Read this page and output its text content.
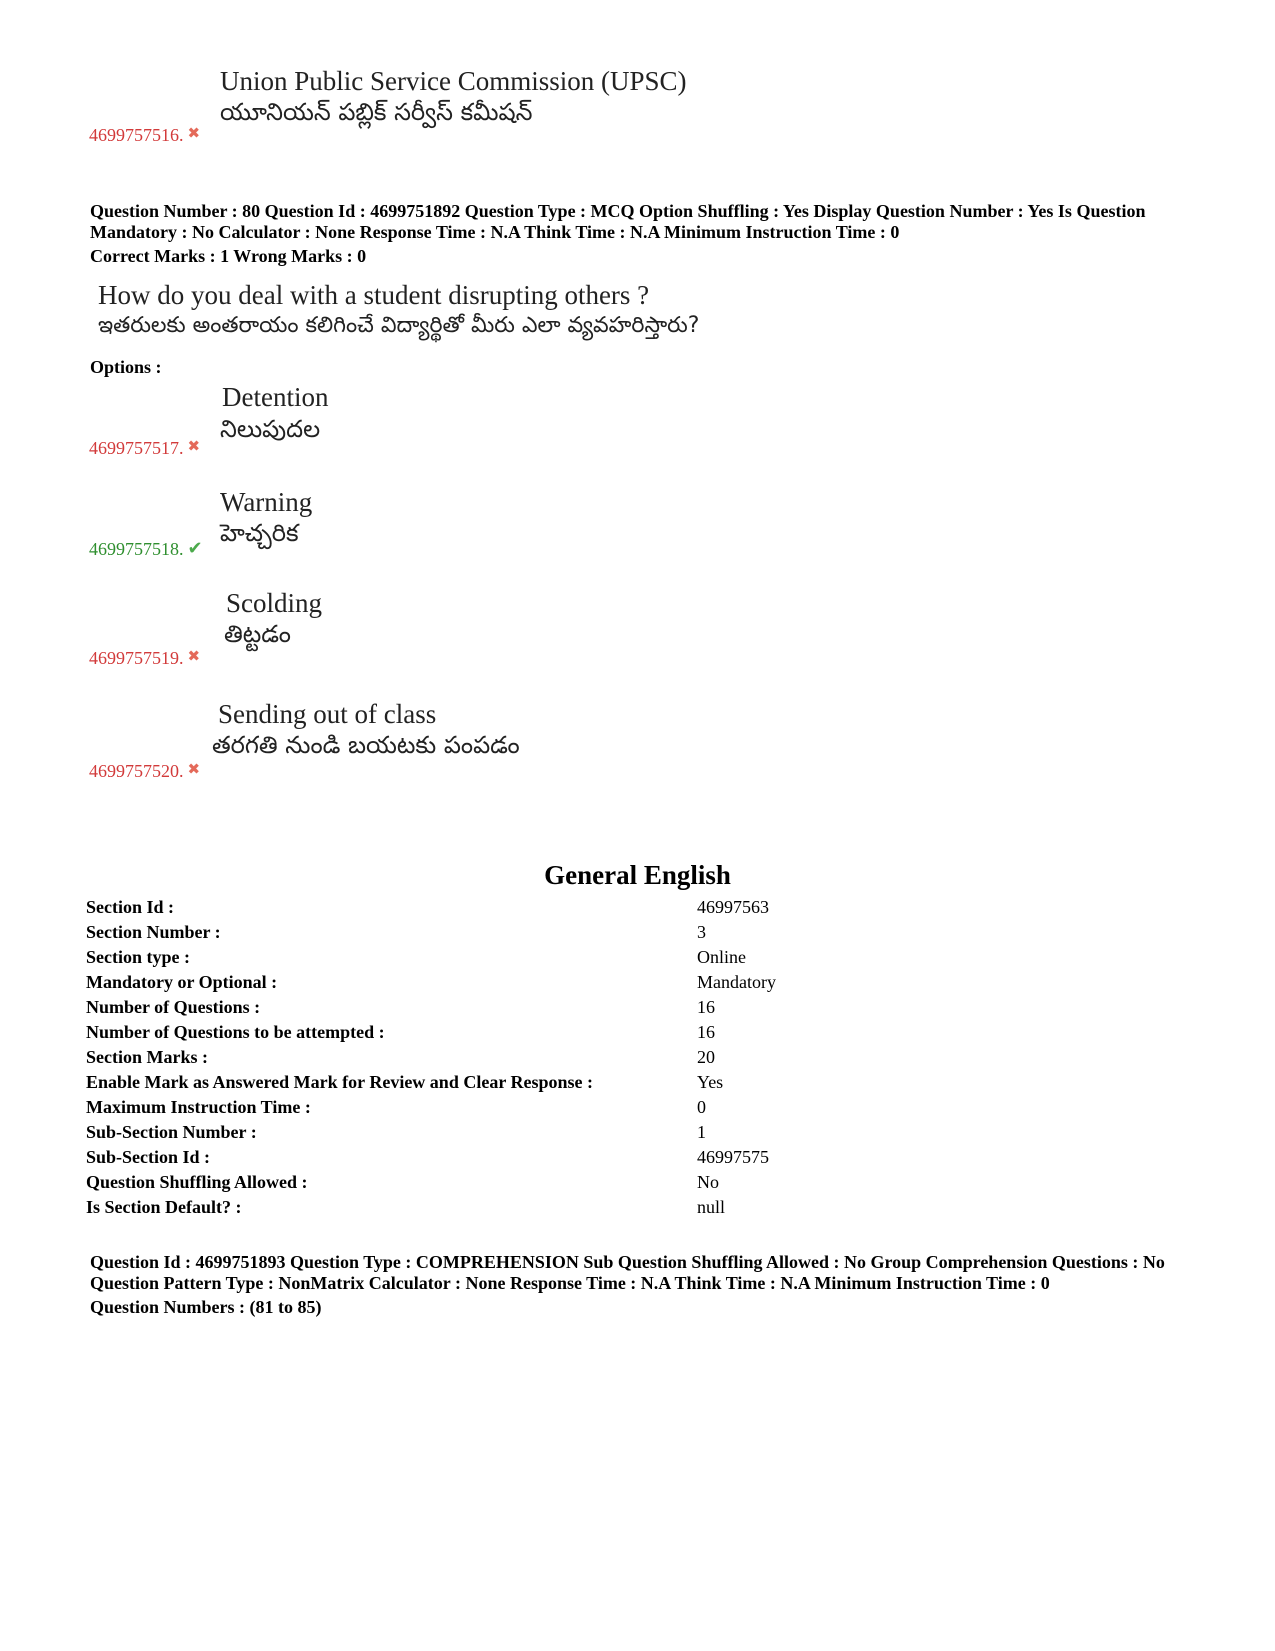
Union Public Service Commission (UPSC)
యూనియన్ పబ్లిక్ సర్వీస్ కమీషన్
4699757516. ✖
Question Number : 80 Question Id : 4699751892 Question Type : MCQ Option Shuffling : Yes Display Question Number : Yes Is Question
Mandatory : No Calculator : None Response Time : N.A Think Time : N.A Minimum Instruction Time : 0
Correct Marks : 1 Wrong Marks : 0
How do you deal with a student disrupting others ?
ఇతరులకు అంతరాయం కలిగించే విద్యార్థితో మీరు ఎలా వ్యవహరిస్తారు?
Options :
Detention
నిలుపుదల
4699757517. ✖
Warning
హెచ్చరిక
4699757518. ✔
Scolding
తిట్టడం
4699757519. ✖
Sending out of class
తరగతి నుండి బయటకు పంపడం
4699757520. ✖
General English
Section Id :	46997563
Section Number :	3
Section type :	Online
Mandatory or Optional :	Mandatory
Number of Questions :	16
Number of Questions to be attempted :	16
Section Marks :	20
Enable Mark as Answered Mark for Review and Clear Response :	Yes
Maximum Instruction Time :	0
Sub-Section Number :	1
Sub-Section Id :	46997575
Question Shuffling Allowed :	No
Is Section Default? :	null
Question Id : 4699751893 Question Type : COMPREHENSION Sub Question Shuffling Allowed : No Group Comprehension Questions : No
Question Pattern Type : NonMatrix Calculator : None Response Time : N.A Think Time : N.A Minimum Instruction Time : 0
Question Numbers : (81 to 85)
